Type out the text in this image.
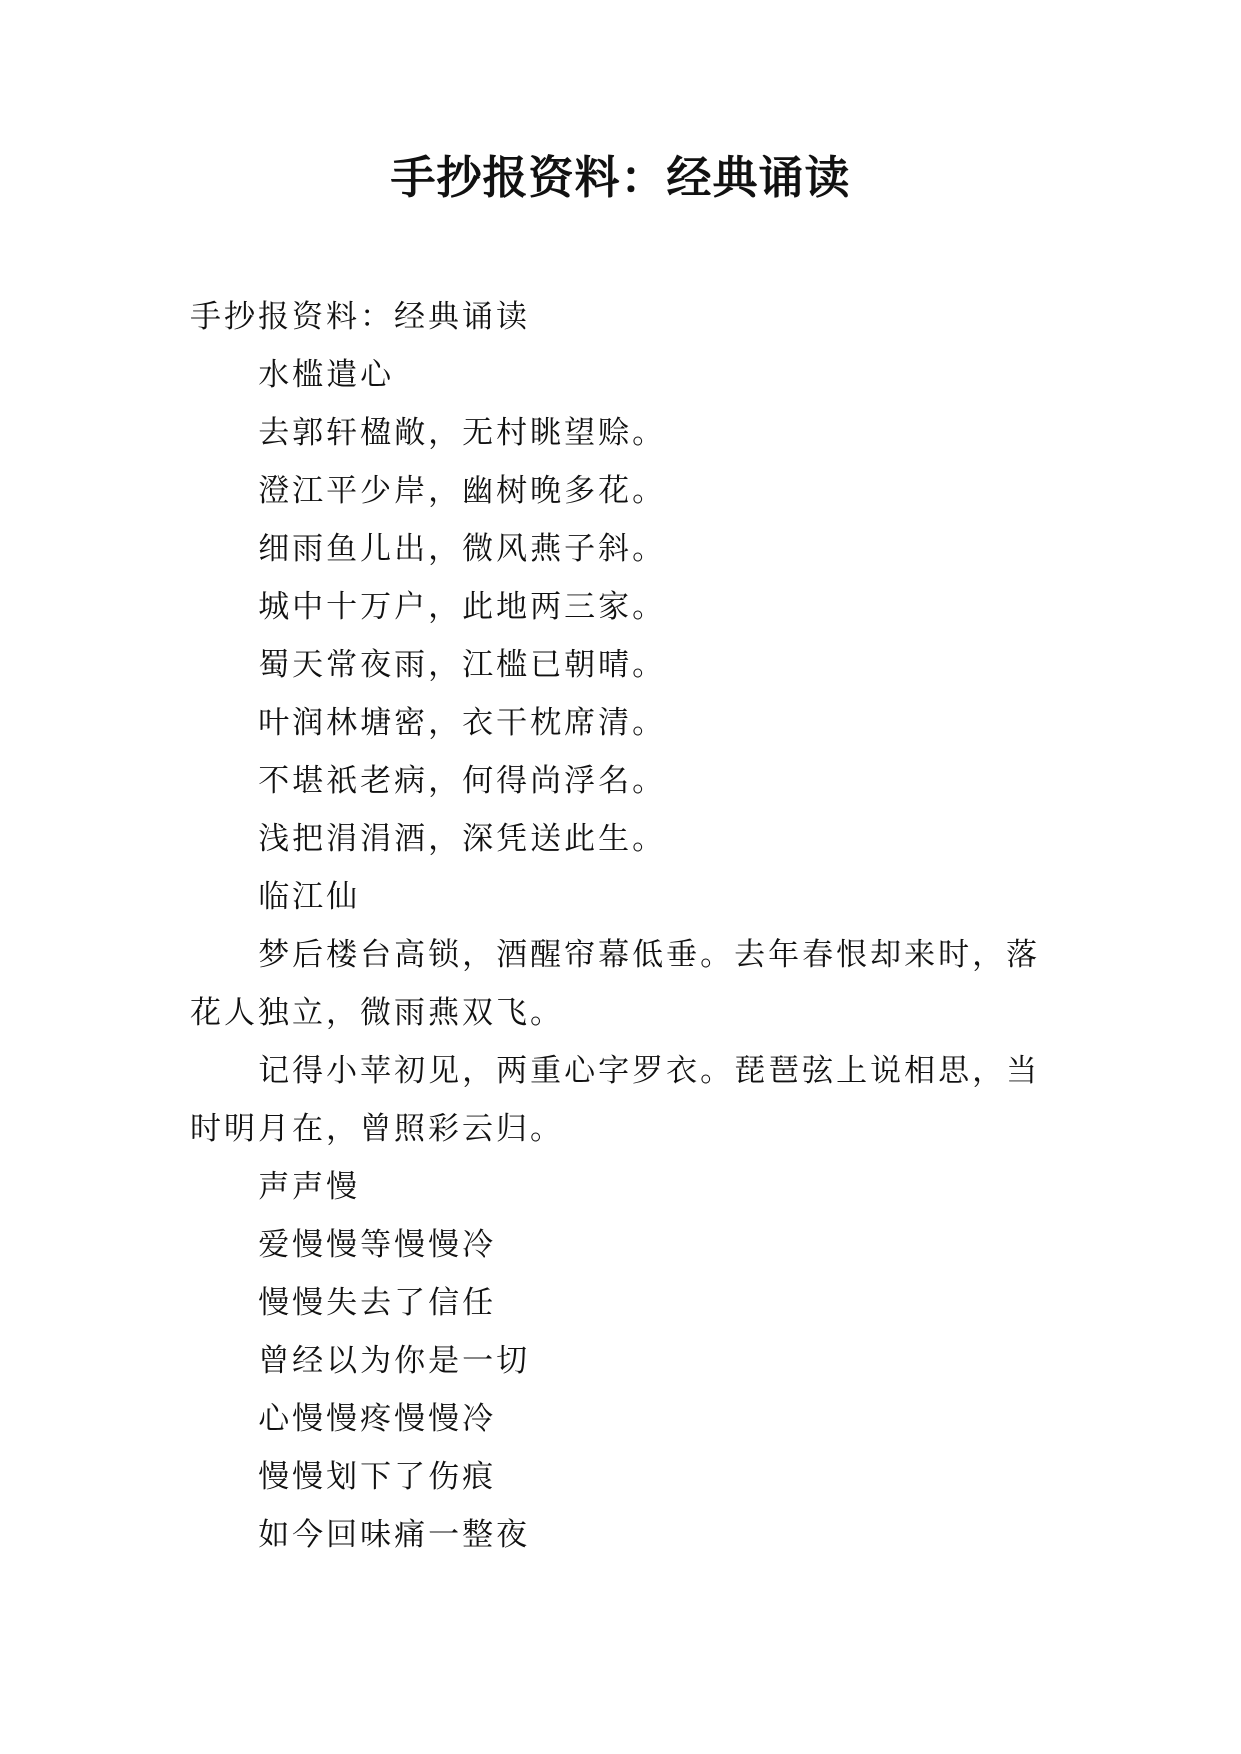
手抄报资料：经典诵读

手抄报资料：经典诵读

水槛遣心

去郭轩楹敞，无村眺望赊。

澄江平少岸，幽树晚多花。

细雨鱼儿出，微风燕子斜。

城中十万户，此地两三家。

蜀天常夜雨，江槛已朝晴。

叶润林塘密，衣干枕席清。

不堪祇老病，何得尚浮名。

浅把涓涓酒，深凭送此生。

临江仙

梦后楼台高锁，酒醒帘幕低垂。去年春恨却来时，落花人独立，微雨燕双飞。

记得小苹初见，两重心字罗衣。琵琶弦上说相思，当时明月在，曾照彩云归。

声声慢

爱慢慢等慢慢冷

慢慢失去了信任

曾经以为你是一切

心慢慢疼慢慢冷

慢慢划下了伤痕

如今回味痛一整夜
